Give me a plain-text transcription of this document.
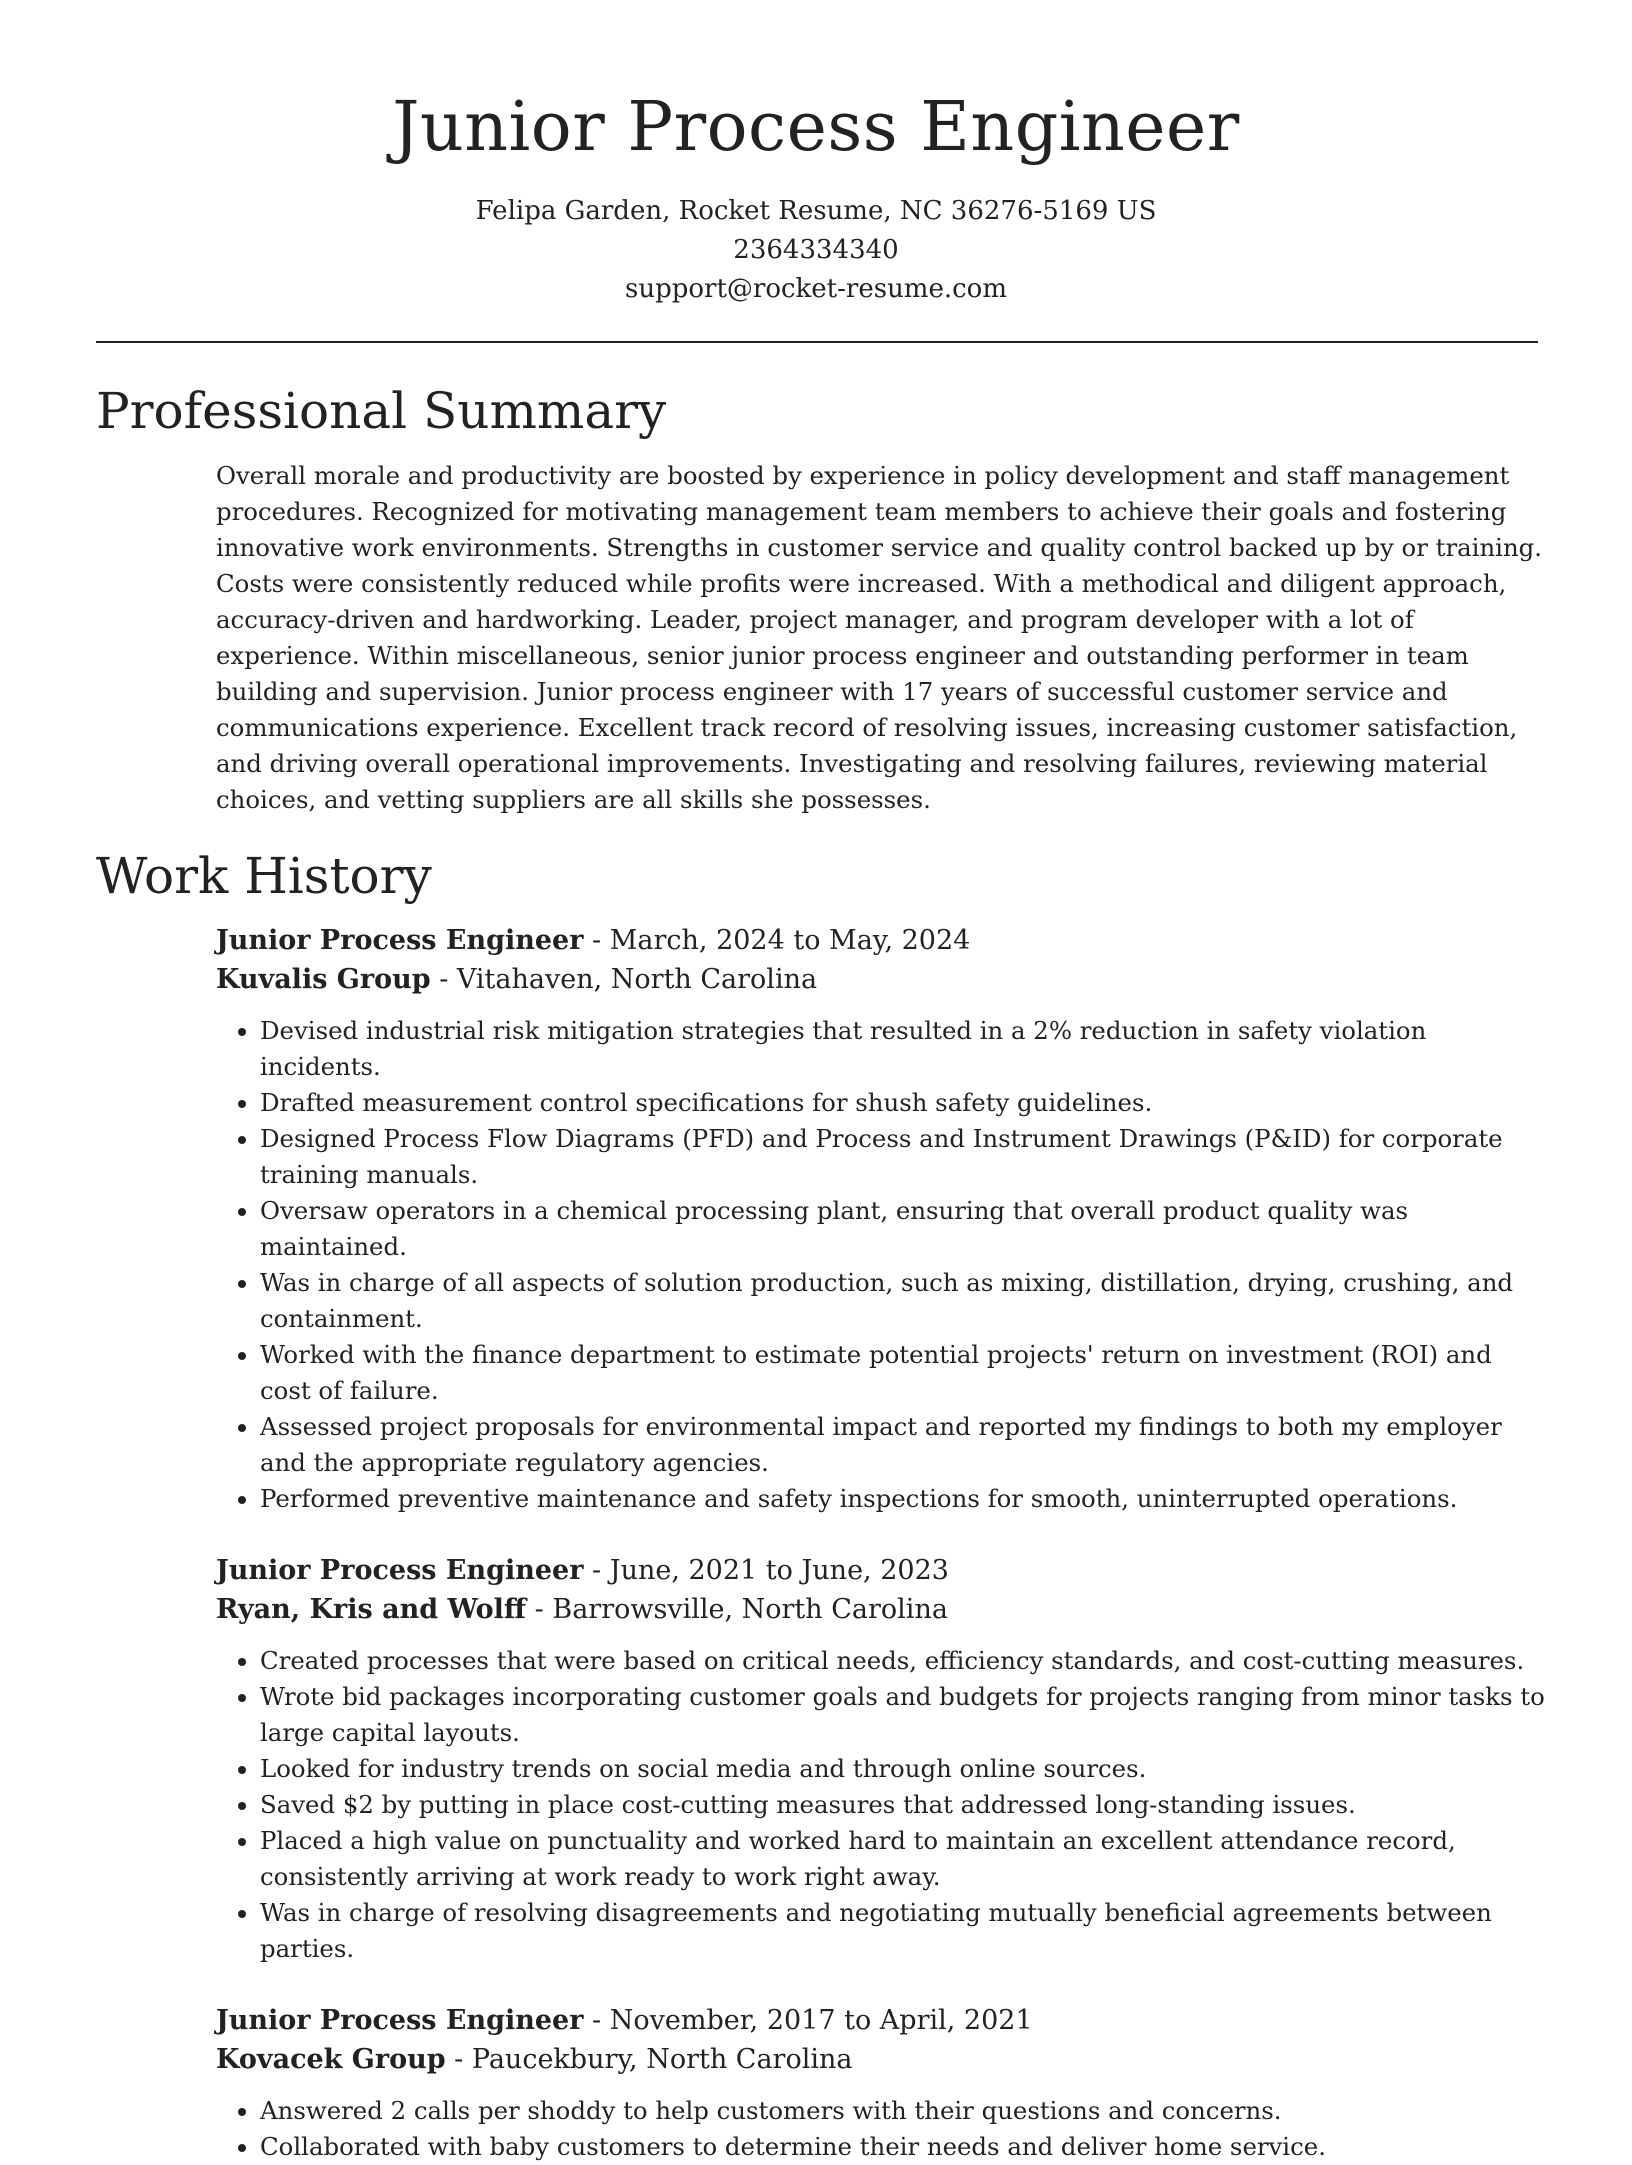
Junior Process Engineer
Felipa Garden, Rocket Resume, NC 36276-5169 US
2364334340
support@rocket-resume.com
Professional Summary
Overall morale and productivity are boosted by experience in policy development and staff management procedures. Recognized for motivating management team members to achieve their goals and fostering innovative work environments. Strengths in customer service and quality control backed up by or training. Costs were consistently reduced while profits were increased. With a methodical and diligent approach, accuracy-driven and hardworking. Leader, project manager, and program developer with a lot of experience. Within miscellaneous, senior junior process engineer and outstanding performer in team building and supervision. Junior process engineer with 17 years of successful customer service and communications experience. Excellent track record of resolving issues, increasing customer satisfaction, and driving overall operational improvements. Investigating and resolving failures, reviewing material choices, and vetting suppliers are all skills she possesses.
Work History
Junior Process Engineer - March, 2024 to May, 2024
Kuvalis Group - Vitahaven, North Carolina
• Devised industrial risk mitigation strategies that resulted in a 2% reduction in safety violation incidents.
• Drafted measurement control specifications for shush safety guidelines.
• Designed Process Flow Diagrams (PFD) and Process and Instrument Drawings (P&ID) for corporate training manuals.
• Oversaw operators in a chemical processing plant, ensuring that overall product quality was maintained.
• Was in charge of all aspects of solution production, such as mixing, distillation, drying, crushing, and containment.
• Worked with the finance department to estimate potential projects' return on investment (ROI) and cost of failure.
• Assessed project proposals for environmental impact and reported my findings to both my employer and the appropriate regulatory agencies.
• Performed preventive maintenance and safety inspections for smooth, uninterrupted operations.
Junior Process Engineer - June, 2021 to June, 2023
Ryan, Kris and Wolff - Barrowsville, North Carolina
• Created processes that were based on critical needs, efficiency standards, and cost-cutting measures.
• Wrote bid packages incorporating customer goals and budgets for projects ranging from minor tasks to large capital layouts.
• Looked for industry trends on social media and through online sources.
• Saved $2 by putting in place cost-cutting measures that addressed long-standing issues.
• Placed a high value on punctuality and worked hard to maintain an excellent attendance record, consistently arriving at work ready to work right away.
• Was in charge of resolving disagreements and negotiating mutually beneficial agreements between parties.
Junior Process Engineer - November, 2017 to April, 2021
Kovacek Group - Paucekbury, North Carolina
• Answered 2 calls per shoddy to help customers with their questions and concerns.
• Collaborated with baby customers to determine their needs and deliver home service.
